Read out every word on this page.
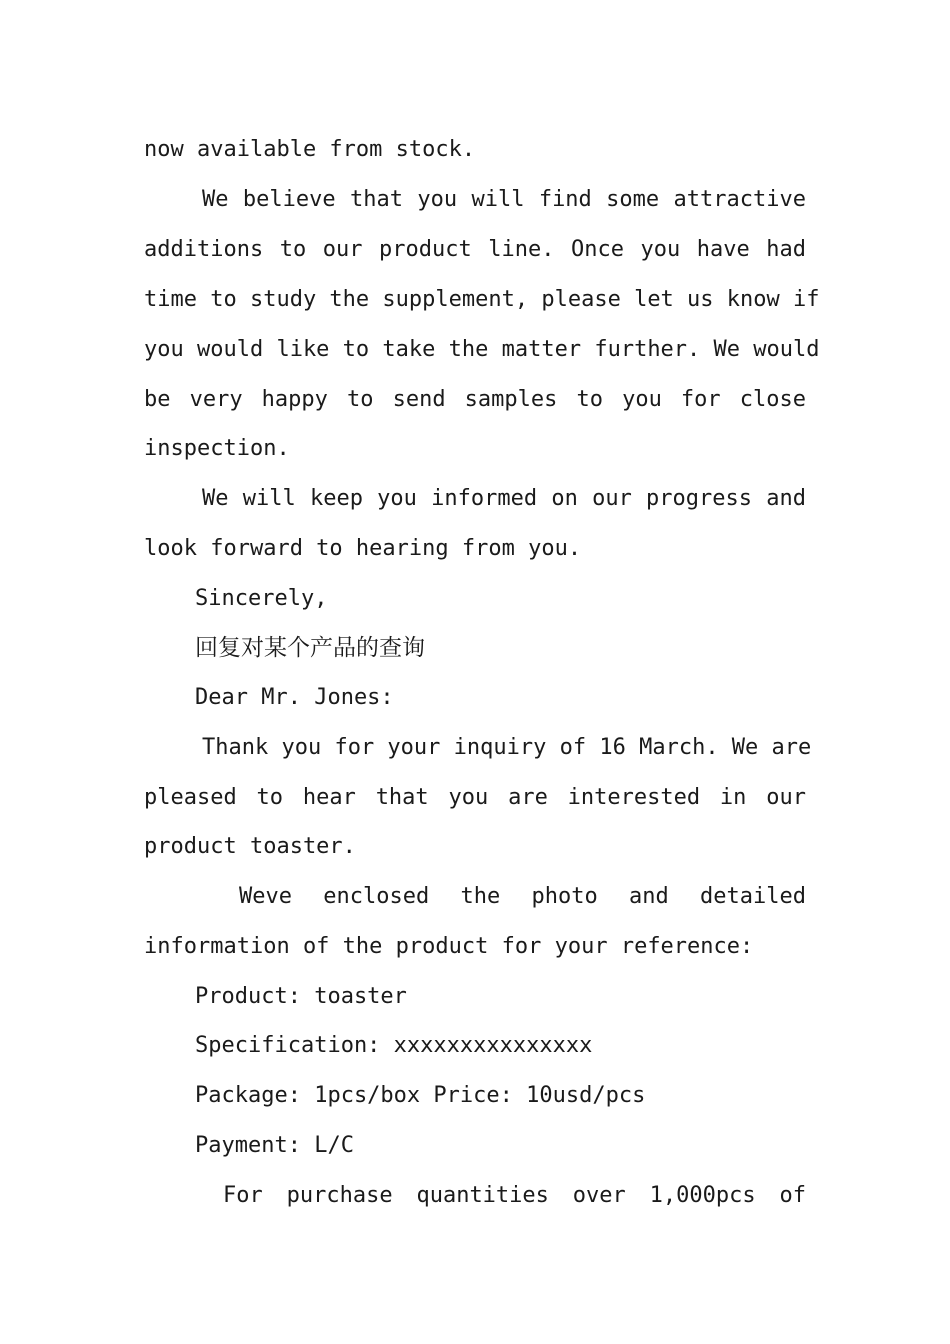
now available from stock.
We believe that you will find some attractive
additions to our product line. Once you have had
time to study the supplement, please let us know if
you would like to take the matter further. We would
be very happy to send samples to you for close
inspection.
We will keep you informed on our progress and
look forward to hearing from you.
Sincerely,
回复对某个产品的查询
Dear Mr. Jones:
Thank you for your inquiry of 16 March. We are
pleased to hear that you are interested in our
product toaster.
Weve enclosed the photo and detailed
information of the product for your reference:
Product: toaster
Specification: xxxxxxxxxxxxxxx
Package: 1pcs/box Price: 10usd/pcs
Payment: L/C
For purchase quantities over 1,000pcs of
